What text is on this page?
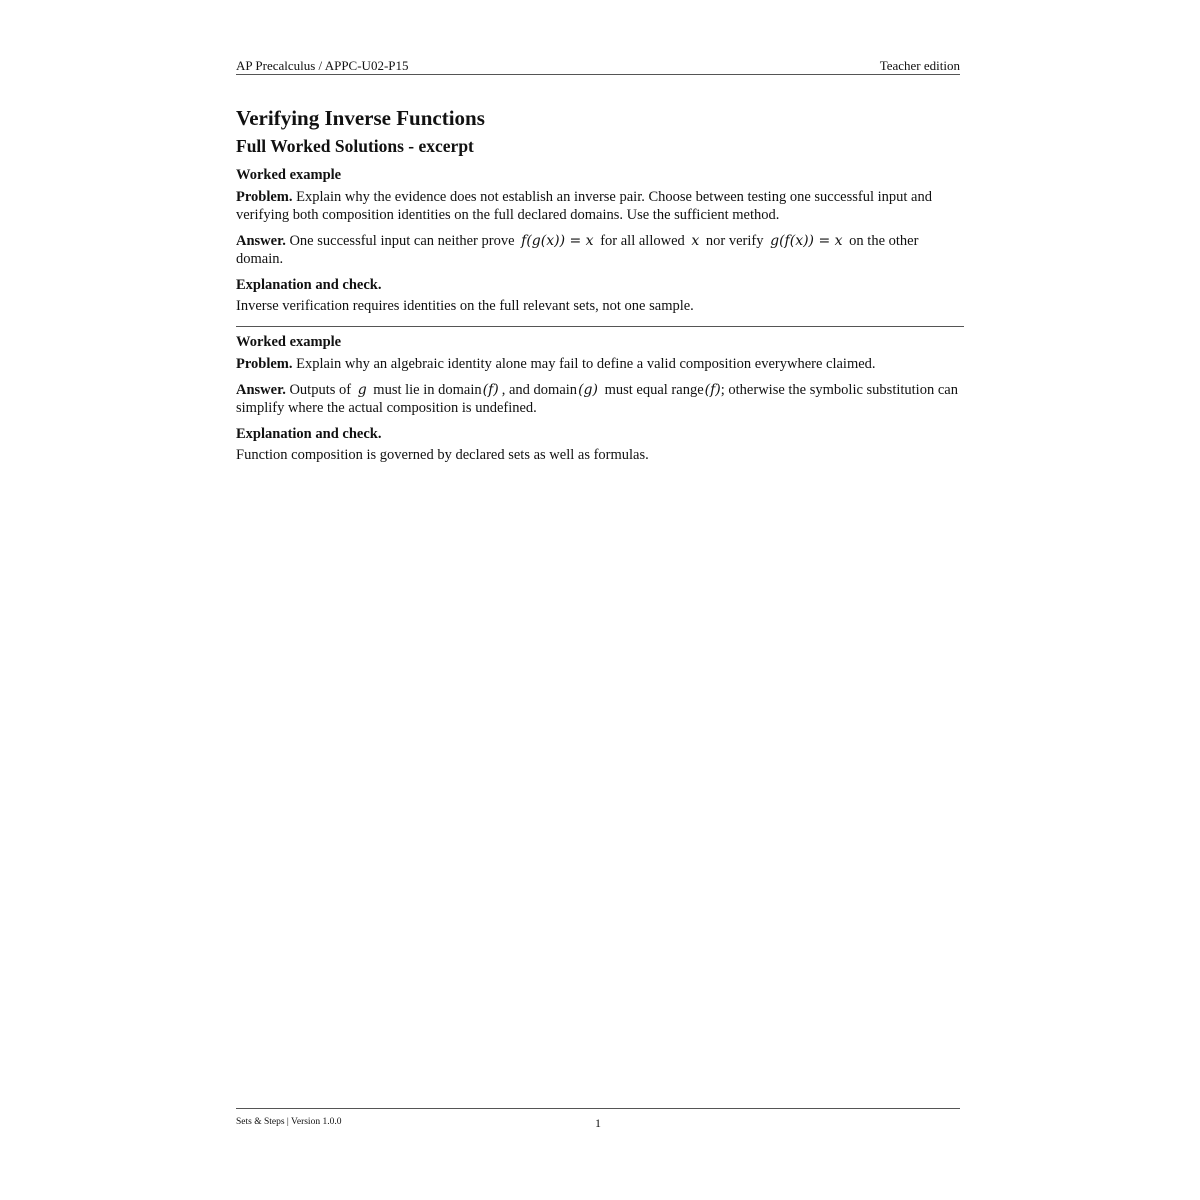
AP Precalculus / APPC-U02-P15	Teacher edition
Verifying Inverse Functions
Full Worked Solutions - excerpt
Worked example

Problem. Explain why the evidence does not establish an inverse pair. Choose between testing one successful input and verifying both composition identities on the full declared domains. Use the sufficient method.

Answer. One successful input can neither prove f(g(x)) = x for all allowed x nor verify g(f(x)) = x on the other domain.

Explanation and check.

Inverse verification requires identities on the full relevant sets, not one sample.

Worked example

Problem. Explain why an algebraic identity alone may fail to define a valid composition everywhere claimed.

Answer. Outputs of g must lie in domain(f) , and domain(g) must equal range(f); otherwise the symbolic substitution can simplify where the actual composition is undefined.

Explanation and check.

Function composition is governed by declared sets as well as formulas.

Sets & Steps | Version 1.0.0	1
